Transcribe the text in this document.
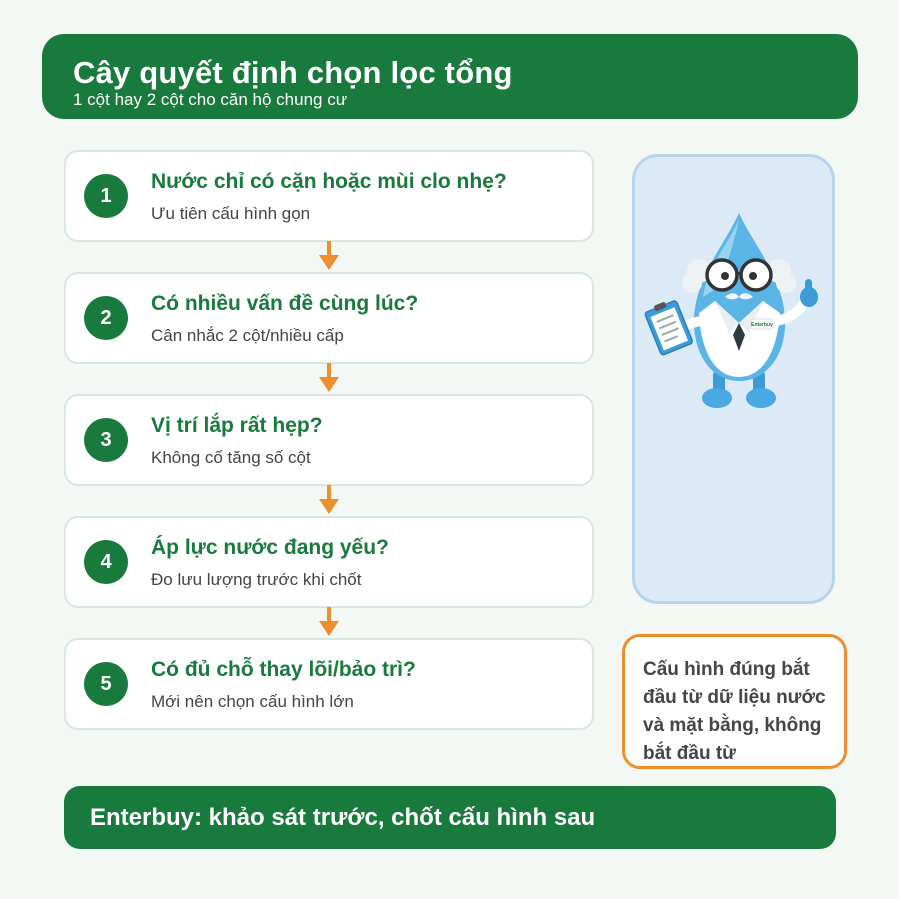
Cây quyết định chọn lọc tổng
1 cột hay 2 cột cho căn hộ chung cư
1
Nước chỉ có cặn hoặc mùi clo nhẹ?
Ưu tiên cấu hình gọn
2
Có nhiều vấn đề cùng lúc?
Cân nhắc 2 cột/nhiều cấp
3
Vị trí lắp rất hẹp?
Không cố tăng số cột
4
Áp lực nước đang yếu?
Đo lưu lượng trước khi chốt
5
Có đủ chỗ thay lõi/bảo trì?
Mới nên chọn cấu hình lớn
Enterbuy
Cấu hình đúng bắt đầu từ dữ liệu nước và mặt bằng, không bắt đầu từ
Enterbuy: khảo sát trước, chốt cấu hình sau
